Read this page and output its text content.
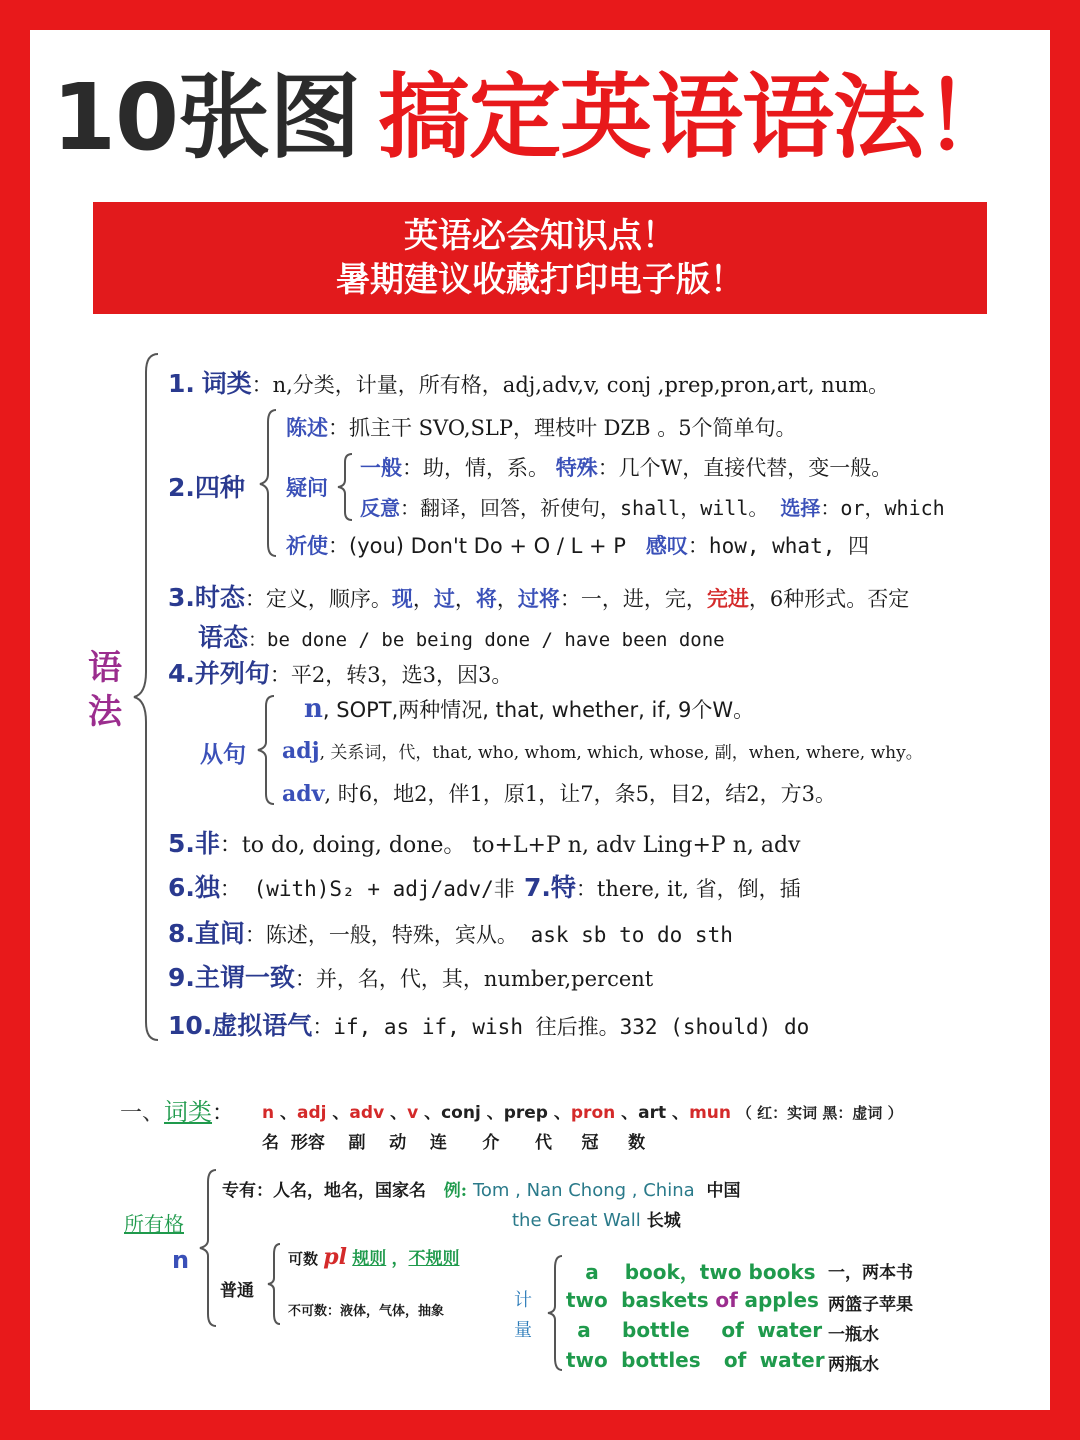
10张图 搞定英语语法！
英语必会知识点！
暑期建议收藏打印电子版！
语法
1. 词类：n,分类，计量，所有格，adj,adv,v, conj ,prep,pron,art, num。
2.四种
陈述：抓主干 SVO,SLP，理枝叶 DZB 。5个简单句。
疑问
一般：助，情，系。 特殊：几个W，直接代替，变一般。
反意：翻译，回答，祈使句，shall，will。 选择：or，which
祈使：(you) Don't Do + O / L + P 感叹：how, what, 四
3.时态：定义，顺序。现，过，将，过将：一，进，完，完进，6种形式。否定
语态：be done / be being done / have been done
4.并列句：平2，转3，选3，因3。
从句
n, SOPT,两种情况, that, whether, if, 9个W。
adj, 关系词，代，that, who, whom, which, whose, 副，when, where, why。
adv, 时6，地2，伴1，原1，让7，条5，目2，结2，方3。
5.非：to do, doing, done。 to+L+P n, adv Ling+P n, adv
6.独： (with)S₂ + adj/adv/非 7.特：there, it, 省，倒，插
8.直间：陈述，一般，特殊，宾从。 ask sb to do sth
9.主谓一致：并，名，代，其，number,percent
10.虚拟语气：if, as if, wish 往后推。332 (should) do
一、词类： n 、adj 、adv 、v 、conj 、prep 、pron 、art 、mun （ 红：实词 黑：虚词 ）
名 形容 副 动 连 介 代 冠 数
所有格
n
专有：人名，地名，国家名 例: Tom , Nan Chong , China 中国
the Great Wall 长城
普通
可数 pl 规则 ，不规则
不可数：液体，气体，抽象
计量
a book，two books 一，两本书
two baskets of apples 两篮子苹果
a bottle of water 一瓶水
two bottles of water 两瓶水
